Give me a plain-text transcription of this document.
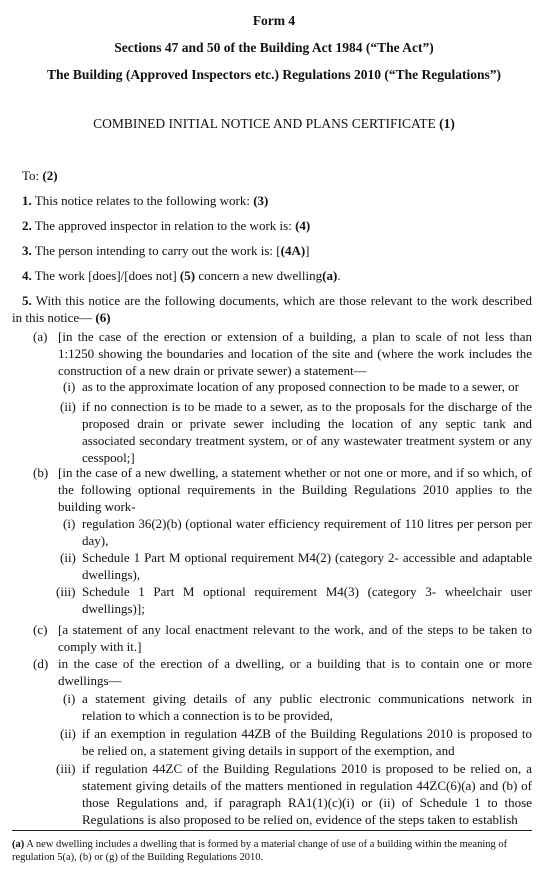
Form 4
Sections 47 and 50 of the Building Act 1984 (“The Act”)
The Building (Approved Inspectors etc.) Regulations 2010 (“The Regulations”)
COMBINED INITIAL NOTICE AND PLANS CERTIFICATE (1)
To: (2)
1. This notice relates to the following work: (3)
2. The approved inspector in relation to the work is: (4)
3. The person intending to carry out the work is: [(4A)]
4. The work [does]/[does not] (5) concern a new dwelling(a).
5. With this notice are the following documents, which are those relevant to the work described
in this notice— (6)
(a) [in the case of the erection or extension of a building, a plan to scale of not less than 1:1250 showing the boundaries and location of the site and (where the work includes the construction of a new drain or private sewer) a statement—
(i) as to the approximate location of any proposed connection to be made to a sewer, or
(ii) if no connection is to be made to a sewer, as to the proposals for the discharge of the proposed drain or private sewer including the location of any septic tank and associated secondary treatment system, or of any wastewater treatment system or any cesspool;]
(b) [in the case of a new dwelling, a statement whether or not one or more, and if so which, of the following optional requirements in the Building Regulations 2010 applies to the building work-
(i) regulation 36(2)(b) (optional water efficiency requirement of 110 litres per person per day),
(ii) Schedule 1 Part M optional requirement M4(2) (category 2- accessible and adaptable dwellings),
(iii) Schedule 1 Part M optional requirement M4(3) (category 3- wheelchair user dwellings)];
(c) [a statement of any local enactment relevant to the work, and of the steps to be taken to comply with it.]
(d) in the case of the erection of a dwelling, or a building that is to contain one or more dwellings—
(i) a statement giving details of any public electronic communications network in relation to which a connection is to be provided,
(ii) if an exemption in regulation 44ZB of the Building Regulations 2010 is proposed to be relied on, a statement giving details in support of the exemption, and
(iii) if regulation 44ZC of the Building Regulations 2010 is proposed to be relied on, a statement giving details of the matters mentioned in regulation 44ZC(6)(a) and (b) of those Regulations and, if paragraph RA1(1)(c)(i) or (ii) of Schedule 1 to those Regulations is also proposed to be relied on, evidence of the steps taken to establish
(a) A new dwelling includes a dwelling that is formed by a material change of use of a building within the meaning of regulation 5(a), (b) or (g) of the Building Regulations 2010.
